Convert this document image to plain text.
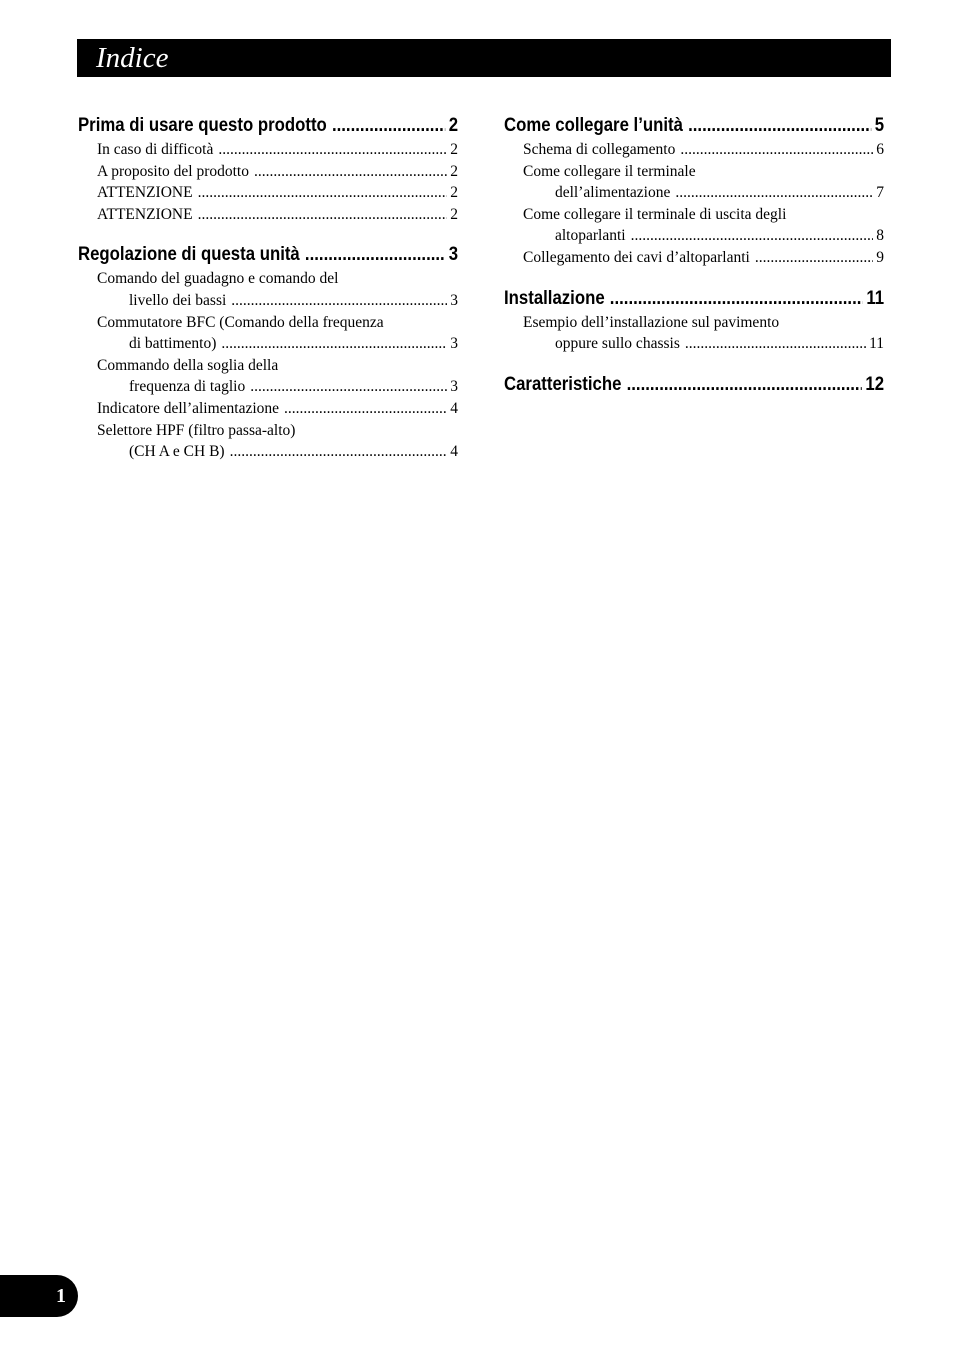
Indice
Prima di usare questo prodotto .....	2
In caso di difficotà .....	2
A proposito del prodotto .....	2
ATTENZIONE .....	2
ATTENZIONE .....	2
Regolazione di questa unità .....	3
Comando del guadagno e comando del
livello dei bassi .....	3
Commutatore BFC (Comando della frequenza
di battimento) .....	3
Commando della soglia della
frequenza di taglio .....	3
Indicatore dell’alimentazione .....	4
Selettore HPF (filtro passa-alto)
(CH A e CH B) .....	4
Come collegare l’unità .....	5
Schema di collegamento .....	6
Come collegare il terminale
dell’alimentazione .....	7
Come collegare il terminale di uscita degli
altoparlanti .....	8
Collegamento dei cavi d’altoparlanti .....	9
Installazione .....	11
Esempio dell’installazione sul pavimento
oppure sullo chassis .....	11
Caratteristiche .....	12
1
